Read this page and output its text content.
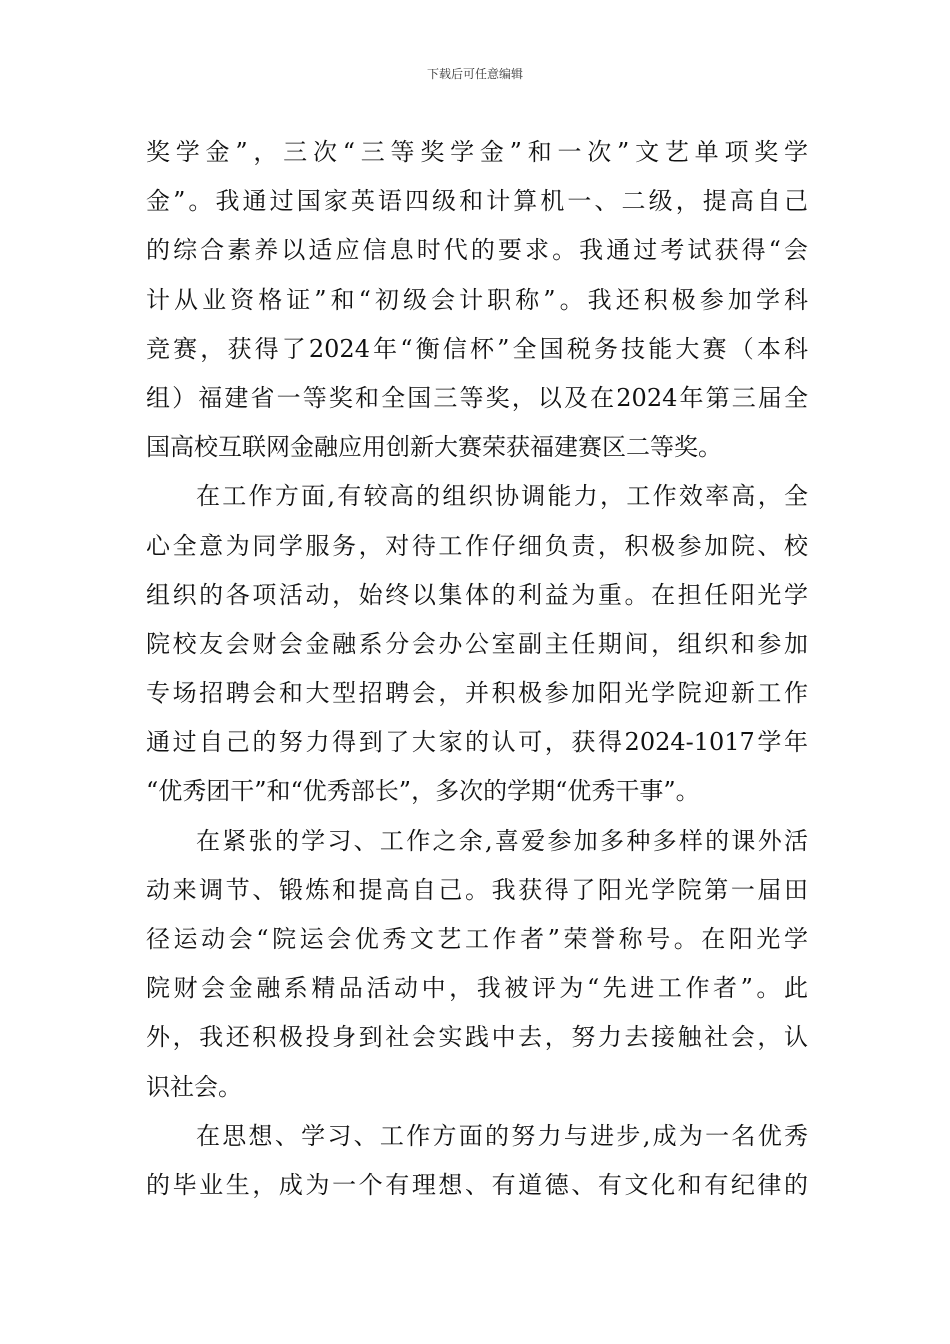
下载后可任意编辑
奖学金”，三次“三等奖学金”和一次”文艺单项奖学
金”。我通过国家英语四级和计算机一、二级，提高自己
的综合素养以适应信息时代的要求。我通过考试获得“会
计从业资格证”和“初级会计职称”。我还积极参加学科
竞赛，获得了2024年“衡信杯”全国税务技能大赛（本科
组）福建省一等奖和全国三等奖，以及在2024年第三届全
国高校互联网金融应用创新大赛荣获福建赛区二等奖。
在工作方面,有较高的组织协调能力，工作效率高，全
心全意为同学服务，对待工作仔细负责，积极参加院、校
组织的各项活动，始终以集体的利益为重。在担任阳光学
院校友会财会金融系分会办公室副主任期间，组织和参加
专场招聘会和大型招聘会，并积极参加阳光学院迎新工作
通过自己的努力得到了大家的认可，获得2024-1017学年
“优秀团干”和“优秀部长”，多次的学期“优秀干事”。
在紧张的学习、工作之余,喜爱参加多种多样的课外活
动来调节、锻炼和提高自己。我获得了阳光学院第一届田
径运动会“院运会优秀文艺工作者”荣誉称号。在阳光学
院财会金融系精品活动中，我被评为“先进工作者”。此
外，我还积极投身到社会实践中去，努力去接触社会，认
识社会。
在思想、学习、工作方面的努力与进步,成为一名优秀
的毕业生，成为一个有理想、有道德、有文化和有纪律的
